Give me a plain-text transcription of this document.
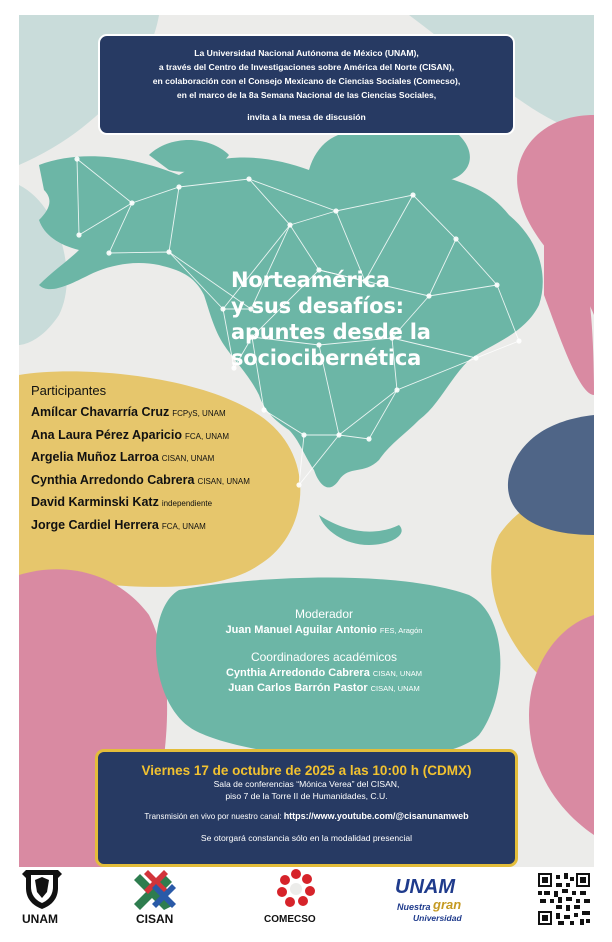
La Universidad Nacional Autónoma de México (UNAM),
a través del Centro de Investigaciones sobre América del Norte (CISAN),
en colaboración con el Consejo Mexicano de Ciencias Sociales (Comecso),
en el marco de la 8a Semana Nacional de las Ciencias Sociales,
invita a la mesa de discusión
Norteamérica
y sus desafíos:
apuntes desde la
sociocibernética
Participantes
Amílcar Chavarría Cruz FCPyS, UNAM
Ana Laura Pérez Aparicio FCA, UNAM
Argelia Muñoz Larroa CISAN, UNAM
Cynthia Arredondo Cabrera CISAN, UNAM
David Karminski Katz independiente
Jorge Cardiel Herrera FCA, UNAM
Moderador
Juan Manuel Aguilar Antonio FES, Aragón
Coordinadores académicos
Cynthia Arredondo Cabrera CISAN, UNAM
Juan Carlos Barrón Pastor CISAN, UNAM
Viernes 17 de octubre de 2025 a las 10:00 h (CDMX)
Sala de conferencias “Mónica Verea” del CISAN,
piso 7 de la Torre II de Humanidades, C.U.
Transmisión en vivo por nuestro canal: https://www.youtube.com/@cisanunamweb
Se otorgará constancia sólo en la modalidad presencial
UNAM	CISAN	COMECSO
UNAM
Nuestra gran
Universidad
